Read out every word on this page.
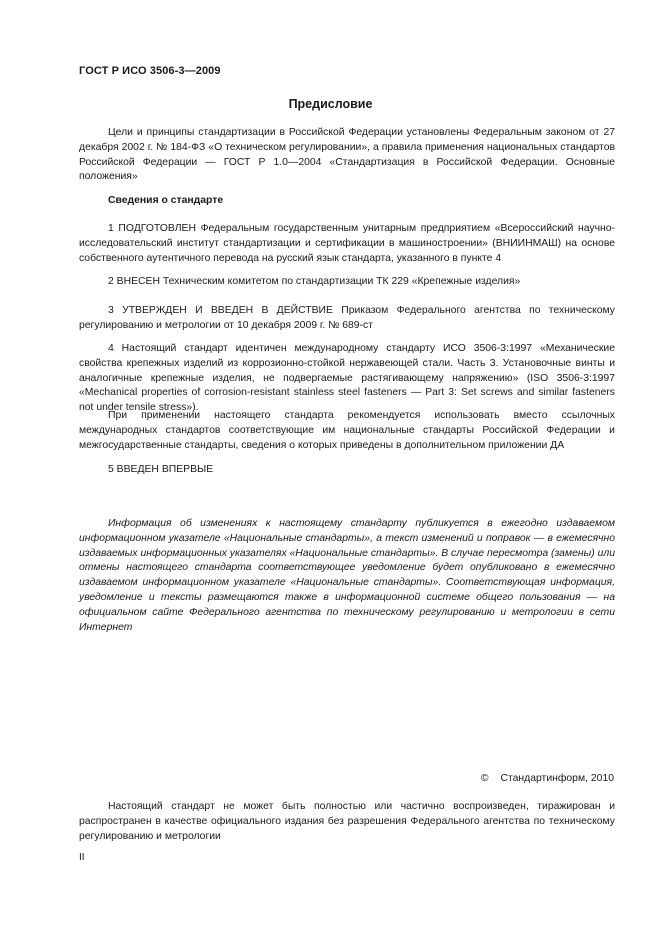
ГОСТ Р ИСО 3506-3—2009
Предисловие
Цели и принципы стандартизации в Российской Федерации установлены Федеральным законом от 27 декабря 2002 г. № 184-ФЗ «О техническом регулировании», а правила применения национальных стандартов Российской Федерации — ГОСТ Р 1.0—2004 «Стандартизация в Российской Федерации. Основные положения»
Сведения о стандарте
1 ПОДГОТОВЛЕН Федеральным государственным унитарным предприятием «Всероссийский научно-исследовательский институт стандартизации и сертификации в машиностроении» (ВНИИНМАШ) на основе собственного аутентичного перевода на русский язык стандарта, указанного в пункте 4
2 ВНЕСЕН Техническим комитетом по стандартизации ТК 229 «Крепежные изделия»
3 УТВЕРЖДЕН И ВВЕДЕН В ДЕЙСТВИЕ Приказом Федерального агентства по техническому регулированию и метрологии от 10 декабря 2009 г. № 689-ст
4 Настоящий стандарт идентичен международному стандарту ИСО 3506-3:1997 «Механические свойства крепежных изделий из коррозионно-стойкой нержавеющей стали. Часть 3. Установочные винты и аналогичные крепежные изделия, не подвергаемые растягивающему напряжению» (ISO 3506-3:1997 «Mechanical properties of corrosion-resistant stainless steel fasteners — Part 3: Set screws and similar fasteners not under tensile stress»).
При применении настоящего стандарта рекомендуется использовать вместо ссылочных международных стандартов соответствующие им национальные стандарты Российской Федерации и межгосударственные стандарты, сведения о которых приведены в дополнительном приложении ДА
5 ВВЕДЕН ВПЕРВЫЕ
Информация об изменениях к настоящему стандарту публикуется в ежегодно издаваемом информационном указателе «Национальные стандарты», а текст изменений и поправок — в ежемесячно издаваемых информационных указателях «Национальные стандарты». В случае пересмотра (замены) или отмены настоящего стандарта соответствующее уведомление будет опубликовано в ежемесячно издаваемом информационном указателе «Национальные стандарты». Соответствующая информация, уведомление и тексты размещаются также в информационной системе общего пользования — на официальном сайте Федерального агентства по техническому регулированию и метрологии в сети Интернет
© Стандартинформ, 2010
Настоящий стандарт не может быть полностью или частично воспроизведен, тиражирован и распространен в качестве официального издания без разрешения Федерального агентства по техническому регулированию и метрологии
II
